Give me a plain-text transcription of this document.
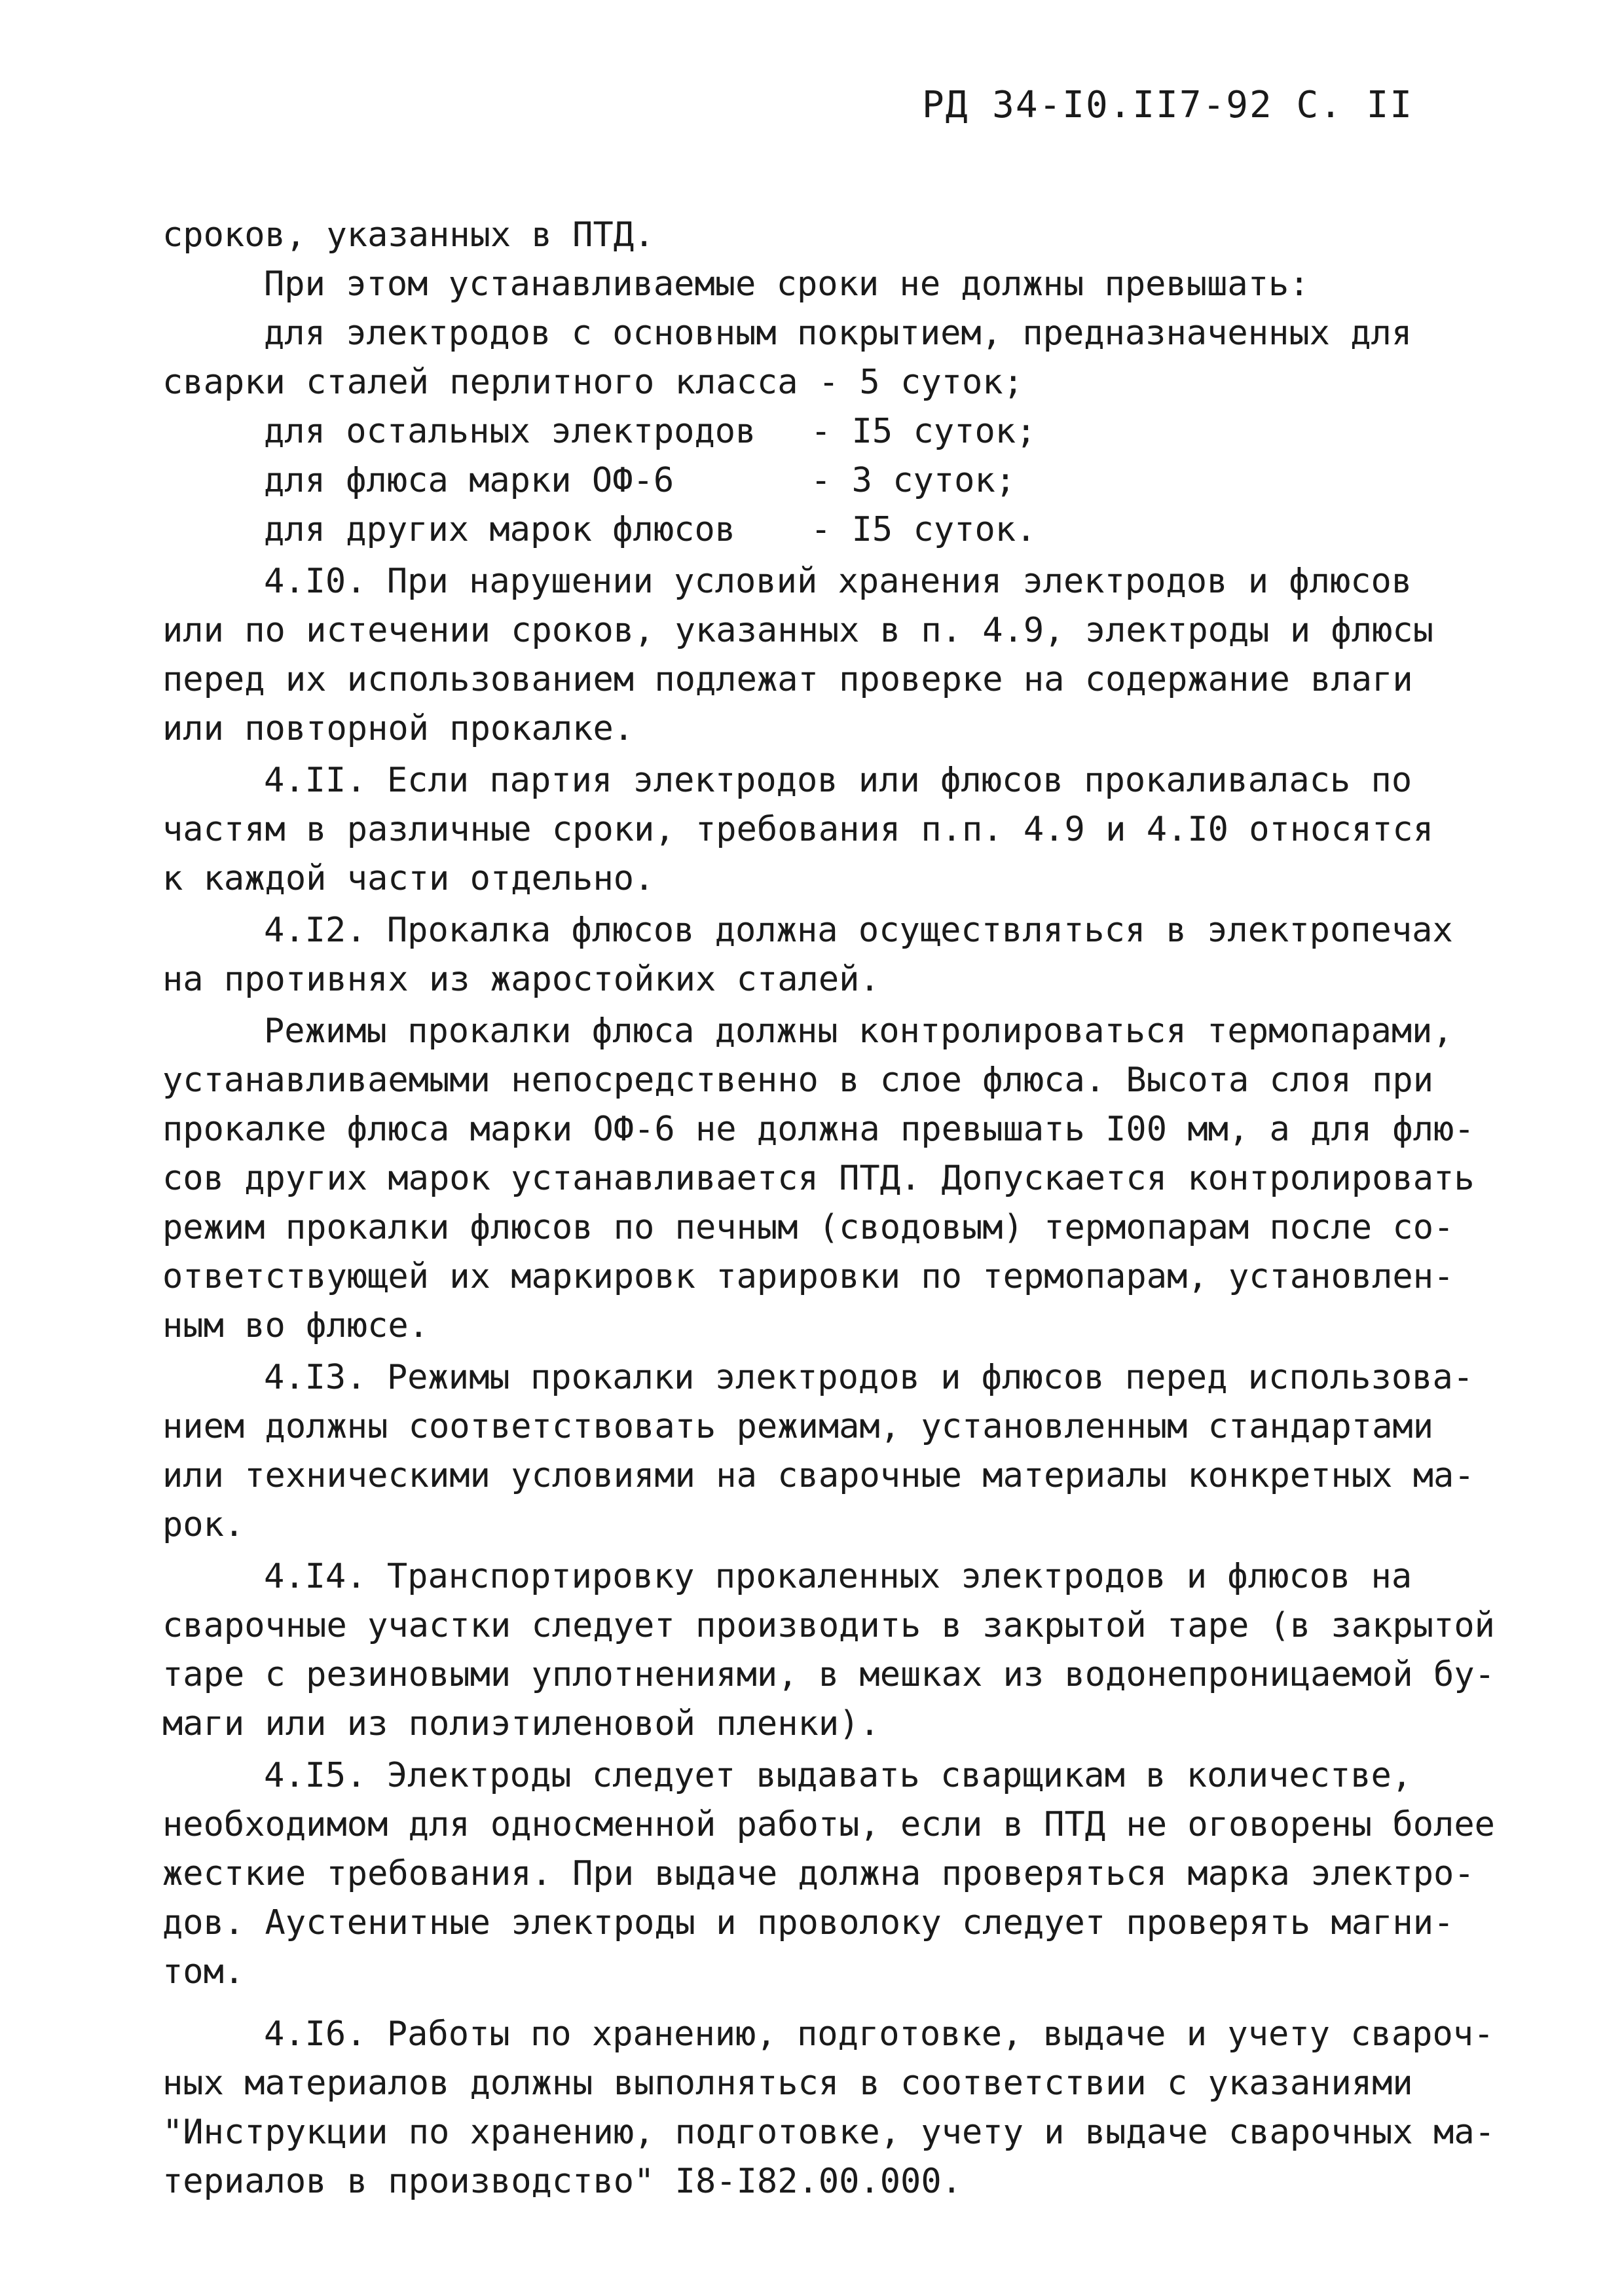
РД 34-I0.II7-92 С. II
сроков, указанных в ПТД.
При этом устанавливаемые сроки не должны превышать:
для электродов с основным покрытием, предназначенных для
сварки сталей перлитного класса - 5 суток;
для остальных электродов	- I5 суток;
для флюса марки ОФ-6	- 3 суток;
для других марок флюсов	- I5 суток.
4.I0. При нарушении условий хранения электродов и флюсов
или по истечении сроков, указанных в п. 4.9, электроды и флюсы
перед их использованием подлежат проверке на содержание влаги
или повторной прокалке.
4.II. Если партия электродов или флюсов прокаливалась по
частям в различные сроки, требования п.п. 4.9 и 4.I0 относятся
к каждой части отдельно.
4.I2. Прокалка флюсов должна осуществляться в электропечах
на противнях из жаростойких сталей.
Режимы прокалки флюса должны контролироваться термопарами,
устанавливаемыми непосредственно в слое флюса. Высота слоя при
прокалке флюса марки ОФ-6 не должна превышать I00 мм, а для флю-
сов других марок устанавливается ПТД. Допускается контролировать
режим прокалки флюсов по печным (сводовым) термопарам после со-
ответствующей их маркировк тарировки по термопарам, установлен-
ным во флюсе.
4.I3. Режимы прокалки электродов и флюсов перед использова-
нием должны соответствовать режимам, установленным стандартами
или техническими условиями на сварочные материалы конкретных ма-
рок.
4.I4. Транспортировку прокаленных электродов и флюсов на
сварочные участки следует производить в закрытой таре (в закрытой
таре с резиновыми уплотнениями, в мешках из водонепроницаемой бу-
маги или из полиэтиленовой пленки).
4.I5. Электроды следует выдавать сварщикам в количестве,
необходимом для односменной работы, если в ПТД не оговорены более
жесткие требования. При выдаче должна проверяться марка электро-
дов. Аустенитные электроды и проволоку следует проверять магни-
том.
4.I6. Работы по хранению, подготовке, выдаче и учету свароч-
ных материалов должны выполняться в соответствии с указаниями
"Инструкции по хранению, подготовке, учету и выдаче сварочных ма-
териалов в производство" I8-I82.00.000.
